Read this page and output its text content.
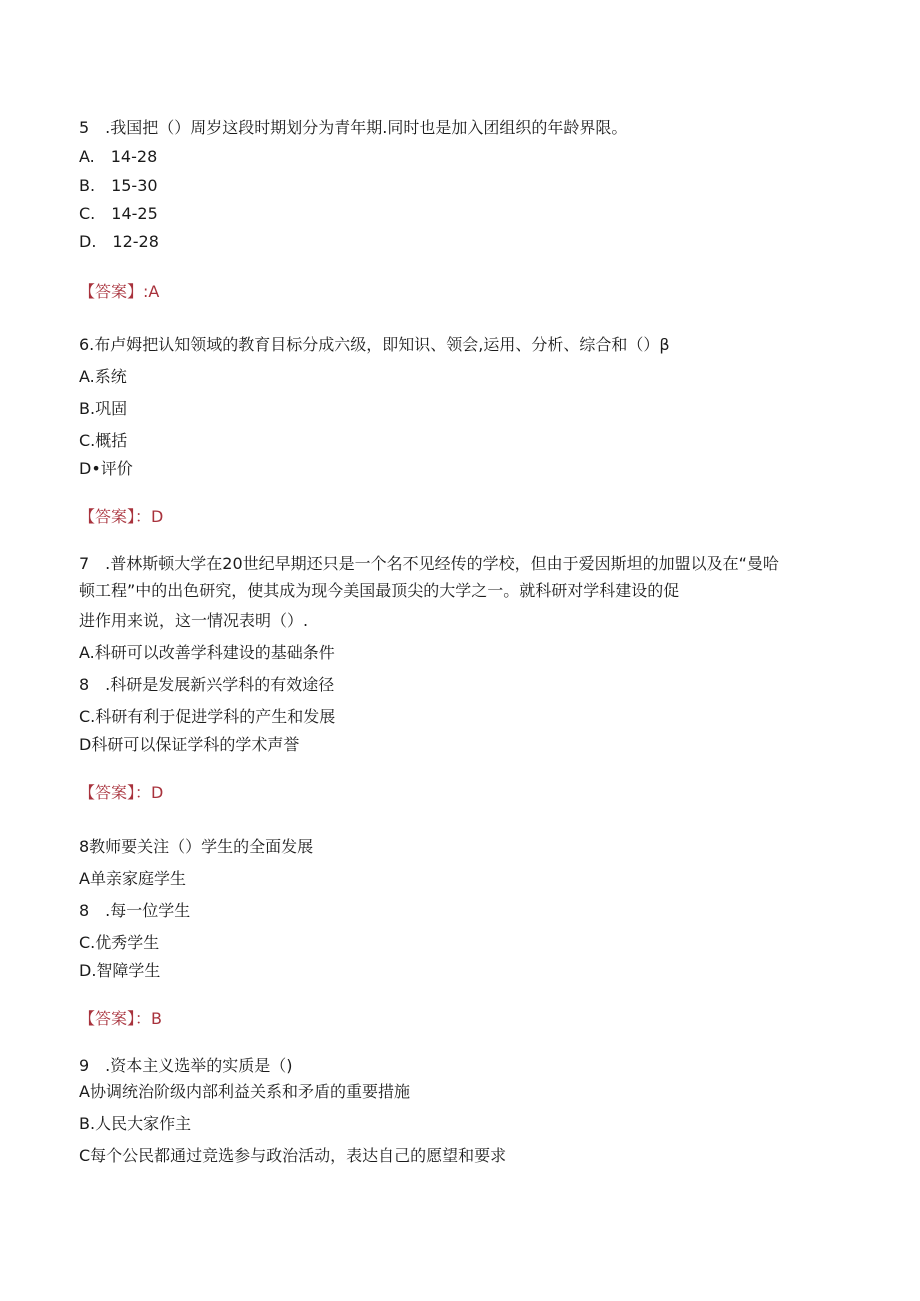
5　.我国把（）周岁这段时期划分为青年期.同时也是加入团组织的年龄界限。
A.　14-28
B.　15-30
C.　14-25
D.　12-28
【答案】:A
6.布卢姆把认知领域的教育目标分成六级，即知识、领会,运用、分析、综合和（）β
A.系统
B.巩固
C.概括
D•评价
【答案】：D
7　.普林斯顿大学在20世纪早期还只是一个名不见经传的学校，但由于爱因斯坦的加盟以及在“曼哈
顿工程”中的出色研究，使其成为现今美国最顶尖的大学之一。就科研对学科建设的促
进作用来说，这一情况表明（）.
A.科研可以改善学科建设的基础条件
8　.科研是发展新兴学科的有效途径
C.科研有利于促进学科的产生和发展
D科研可以保证学科的学术声誉
【答案】：D
8教师要关注（）学生的全面发展
A单亲家庭学生
8　.每一位学生
C.优秀学生
D.智障学生
【答案】：B
9　.资本主义选举的实质是（)
A协调统治阶级内部利益关系和矛盾的重要措施
B.人民大家作主
C每个公民都通过竞选参与政治活动，表达自己的愿望和要求
